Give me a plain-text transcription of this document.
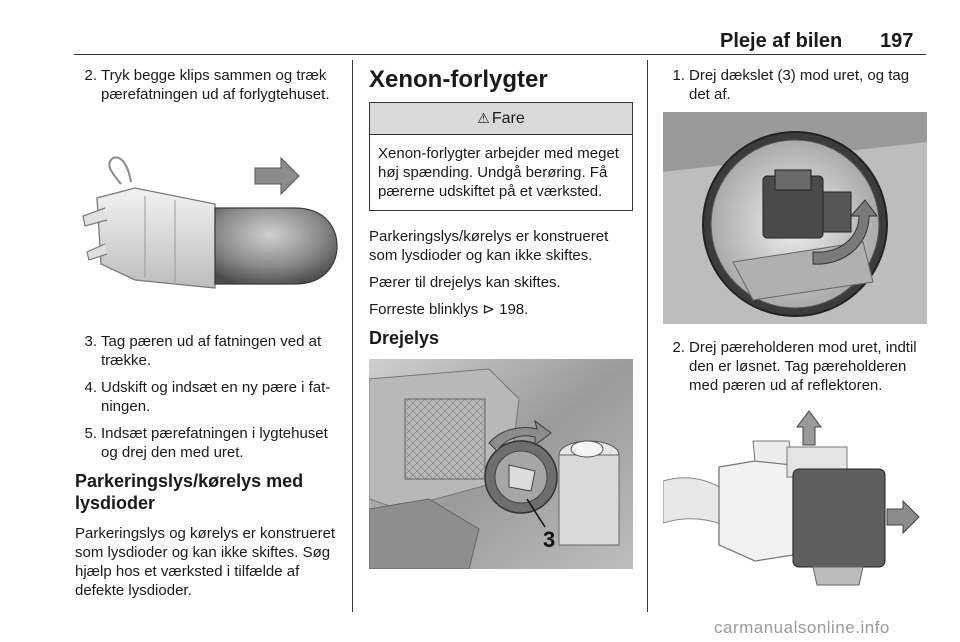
Pleje af bilen 197
2. Tryk begge klips sammen og træk pærefatningen ud af forlygtehuset.
3. Tag pæren ud af fatningen ved at trække.
4. Udskift og indsæt en ny pære i fatningen.
5. Indsæt pærefatningen i lygtehuset og drej den med uret.
Parkeringslys/kørelys med lysdioder
Parkeringslys og kørelys er konstrueret som lysdioder og kan ikke skiftes. Søg hjælp hos et værksted i tilfælde af defekte lysdioder.
Xenon-forlygter
⚠ Fare
Xenon-forlygter arbejder med meget høj spænding. Undgå berøring. Få pærerne udskiftet på et værksted.
Parkeringslys/kørelys er konstrueret som lysdioder og kan ikke skiftes.
Pærer til drejelys kan skiftes.
Forreste blinklys ⊳ 198.
Drejelys
3
1. Drej dækslet (3) mod uret, og tag det af.
2. Drej pæreholderen mod uret, indtil den er løsnet. Tag pæreholderen med pæren ud af reflektoren.
carmanualsonline.info
